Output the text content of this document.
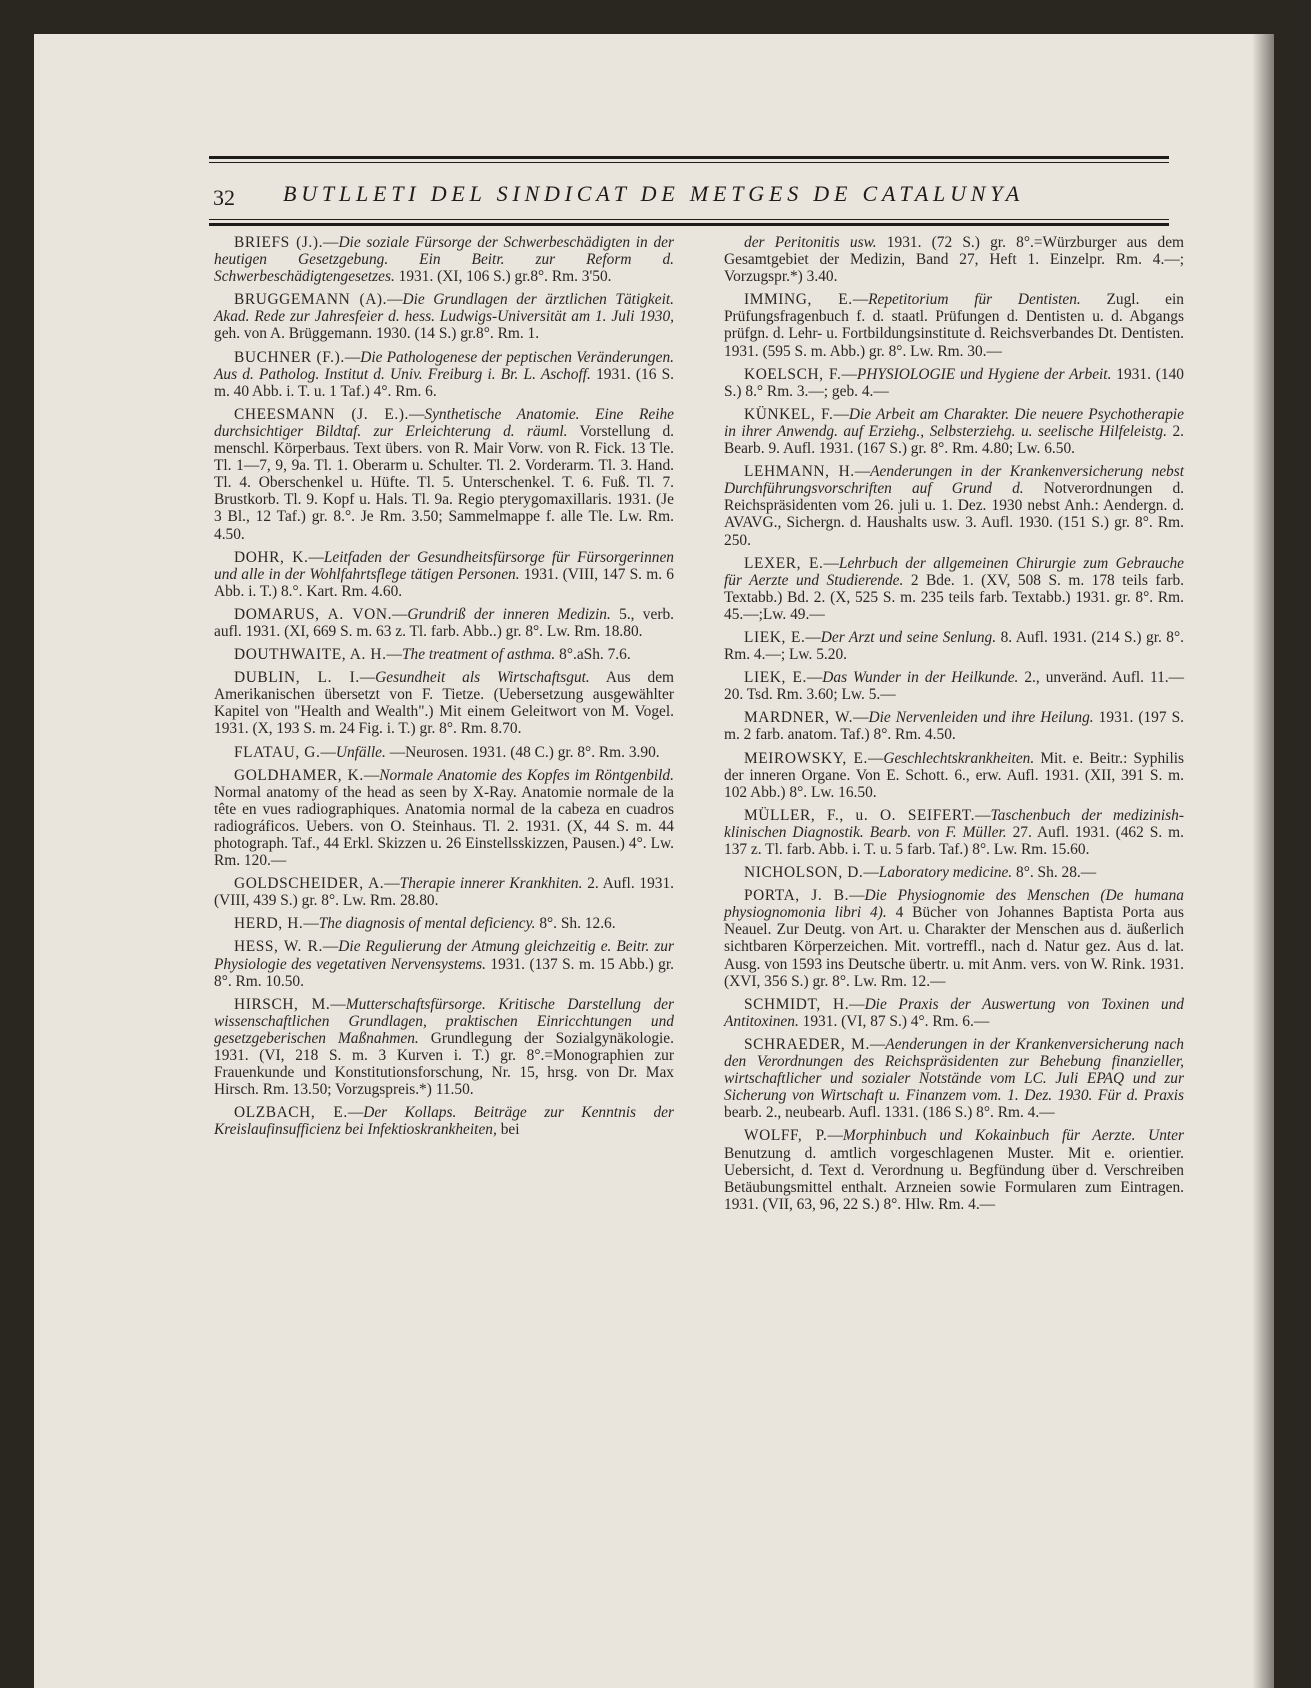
32 BUTLLETI DEL SINDICAT DE METGES DE CATALUNYA

BRIEFS (J.).—Die soziale Fürsorge der Schwerbeschädigten in der heutigen Gesetzgebung. Ein Beitr. zur Reform d. Schwerbeschädigtengesetzes. 1931. (XI, 106 S.) gr.8°. Rm. 3'50.

BRUGGEMANN (A).—Die Grundlagen der ärztlichen Tätigkeit. Akad. Rede zur Jahresfeier d. hess. Ludwigs-Universität am 1. Juli 1930, geh. von A. Brüggemann. 1930. (14 S.) gr.8°. Rm. 1.

BUCHNER (F.).—Die Pathologenese der peptischen Veränderungen. Aus d. Patholog. Institut d. Univ. Freiburg i. Br. L. Aschoff. 1931. (16 S. m. 40 Abb. i. T. u. 1 Taf.) 4°. Rm. 6.

CHEESMANN (J. E.).—Synthetische Anatomie. Eine Reihe durchsichtiger Bildtaf. zur Erleichterung d. räuml. Vorstellung d. menschl. Körperbaus. Text übers. von R. Mair Vorw. von R. Fick. 13 Tle. Tl. 1—7, 9, 9a. Tl. 1. Oberarm u. Schulter. Tl. 2. Vorderarm. Tl. 3. Hand. Tl. 4. Oberschenkel u. Hüfte. Tl. 5. Unterschenkel. T. 6. Fuß. Tl. 7. Brustkorb. Tl. 9. Kopf u. Hals. Tl. 9a. Regio pterygomaxillaris. 1931. (Je 3 Bl., 12 Taf.) gr. 8.°. Je Rm. 3.50; Sammelmappe f. alle Tle. Lw. Rm. 4.50.

DOHR, K.—Leitfaden der Gesundheitsfürsorge für Fürsorgerinnen und alle in der Wohlfahrtsflege tätigen Personen. 1931. (VIII, 147 S. m. 6 Abb. i. T.) 8.°. Kart. Rm. 4.60.

DOMARUS, A. VON.—Grundriß der inneren Medizin. 5., verb. aufl. 1931. (XI, 669 S. m. 63 z. Tl. farb. Abb..) gr. 8°. Lw. Rm. 18.80.

DOUTHWAITE, A. H.—The treatment of asthma. 8°.aSh. 7.6.

DUBLIN, L. I.—Gesundheit als Wirtschaftsgut. Aus dem Amerikanischen übersetzt von F. Tietze. (Uebersetzung ausgewählter Kapitel von "Health and Wealth".) Mit einem Geleitwort von M. Vogel. 1931. (X, 193 S. m. 24 Fig. i. T.) gr. 8°. Rm. 8.70.

FLATAU, G.—Unfälle. —Neurosen. 1931. (48 C.) gr. 8°. Rm. 3.90.

GOLDHAMER, K.—Normale Anatomie des Kopfes im Röntgenbild. Normal anatomy of the head as seen by X-Ray. Anatomie normale de la tête en vues radiographiques. Anatomia normal de la cabeza en cuadros radiográficos. Uebers. von O. Steinhaus. Tl. 2. 1931. (X, 44 S. m. 44 photograph. Taf., 44 Erkl. Skizzen u. 26 Einstellsskizzen, Pausen.) 4°. Lw. Rm. 120.—

GOLDSCHEIDER, A.—Therapie innerer Krankhiten. 2. Aufl. 1931. (VIII, 439 S.) gr. 8°. Lw. Rm. 28.80.

HERD, H.—The diagnosis of mental deficiency. 8°. Sh. 12.6.

HESS, W. R.—Die Regulierung der Atmung gleichzeitig e. Beitr. zur Physiologie des vegetativen Nervensystems. 1931. (137 S. m. 15 Abb.) gr. 8°. Rm. 10.50.

HIRSCH, M.—Mutterschaftsfürsorge. Kritische Darstellung der wissenschaftlichen Grundlagen, praktischen Einricchtungen und gesetzgeberischen Maßnahmen. Grundlegung der Sozialgynäkologie. 1931. (VI, 218 S. m. 3 Kurven i. T.) gr. 8°.=Monographien zur Frauenkunde und Konstitutionsforschung, Nr. 15, hrsg. von Dr. Max Hirsch. Rm. 13.50; Vorzugspreis.*) 11.50.

OLZBACH, E.—Der Kollaps. Beiträge zur Kenntnis der Kreislaufinsufficienz bei Infektioskrankheiten, bei

der Peritonitis usw. 1931. (72 S.) gr. 8°.=Würzburger aus dem Gesamtgebiet der Medizin, Band 27, Heft 1. Einzelpr. Rm. 4.—; Vorzugspr.*) 3.40.

IMMING, E.—Repetitorium für Dentisten. Zugl. ein Prüfungsfragenbuch f. d. staatl. Prüfungen d. Dentisten u. d. Abgangs prüfgn. d. Lehr- u. Fortbildungsinstitute d. Reichsverbandes Dt. Dentisten. 1931. (595 S. m. Abb.) gr. 8°. Lw. Rm. 30.—

KOELSCH, F.—PHYSIOLOGIE und Hygiene der Arbeit. 1931. (140 S.) 8.° Rm. 3.—; geb. 4.—

KÜNKEL, F.—Die Arbeit am Charakter. Die neuere Psychotherapie in ihrer Anwendg. auf Erziehg., Selbsterziehg. u. seelische Hilfeleistg. 2. Bearb. 9. Aufl. 1931. (167 S.) gr. 8°. Rm. 4.80; Lw. 6.50.

LEHMANN, H.—Aenderungen in der Krankenversicherung nebst Durchführungsvorschriften auf Grund d. Notverordnungen d. Reichspräsidenten vom 26. juli u. 1. Dez. 1930 nebst Anh.: Aendergn. d. AVAVG., Sichergn. d. Haushalts usw. 3. Aufl. 1930. (151 S.) gr. 8°. Rm. 250.

LEXER, E.—Lehrbuch der allgemeinen Chirurgie zum Gebrauche für Aerzte und Studierende. 2 Bde. 1. (XV, 508 S. m. 178 teils farb. Textabb.) Bd. 2. (X, 525 S. m. 235 teils farb. Textabb.) 1931. gr. 8°. Rm. 45.—;Lw. 49.—

LIEK, E.—Der Arzt und seine Senlung. 8. Aufl. 1931. (214 S.) gr. 8°. Rm. 4.—; Lw. 5.20.

LIEK, E.—Das Wunder in der Heilkunde. 2., unveränd. Aufl. 11.—20. Tsd. Rm. 3.60; Lw. 5.—

MARDNER, W.—Die Nervenleiden und ihre Heilung. 1931. (197 S. m. 2 farb. anatom. Taf.) 8°. Rm. 4.50.

MEIROWSKY, E.—Geschlechtskrankheiten. Mit. e. Beitr.: Syphilis der inneren Organe. Von E. Schott. 6., erw. Aufl. 1931. (XII, 391 S. m. 102 Abb.) 8°. Lw. 16.50.

MÜLLER, F., u. O. SEIFERT.—Taschenbuch der medizinish-klinischen Diagnostik. Bearb. von F. Müller. 27. Aufl. 1931. (462 S. m. 137 z. Tl. farb. Abb. i. T. u. 5 farb. Taf.) 8°. Lw. Rm. 15.60.

NICHOLSON, D.—Laboratory medicine. 8°. Sh. 28.—

PORTA, J. B.—Die Physiognomie des Menschen (De humana physiognomonia libri 4). 4 Bücher von Johannes Baptista Porta aus Neauel. Zur Deutg. von Art. u. Charakter der Menschen aus d. äußerlich sichtbaren Körperzeichen. Mit. vortreffl., nach d. Natur gez. Aus d. lat. Ausg. von 1593 ins Deutsche übertr. u. mit Anm. vers. von W. Rink. 1931. (XVI, 356 S.) gr. 8°. Lw. Rm. 12.—

SCHMIDT, H.—Die Praxis der Auswertung von Toxinen und Antitoxinen. 1931. (VI, 87 S.) 4°. Rm. 6.—

SCHRAEDER, M.—Aenderungen in der Krankenversicherung nach den Verordnungen des Reichspräsidenten zur Behebung finanzieller, wirtschaftlicher und sozialer Notstände vom LC. Juli EPAQ und zur Sicherung von Wirtschaft u. Finanzem vom. 1. Dez. 1930. Für d. Praxis bearb. 2., neubearb. Aufl. 1331. (186 S.) 8°. Rm. 4.—

WOLFF, P.—Morphinbuch und Kokainbuch für Aerzte. Unter Benutzung d. amtlich vorgeschlagenen Muster. Mit e. orientier. Uebersicht, d. Text d. Verordnung u. Begfündung über d. Verschreiben Betäubungsmittel enthalt. Arzneien sowie Formularen zum Eintragen. 1931. (VII, 63, 96, 22 S.) 8°. Hlw. Rm. 4.—
